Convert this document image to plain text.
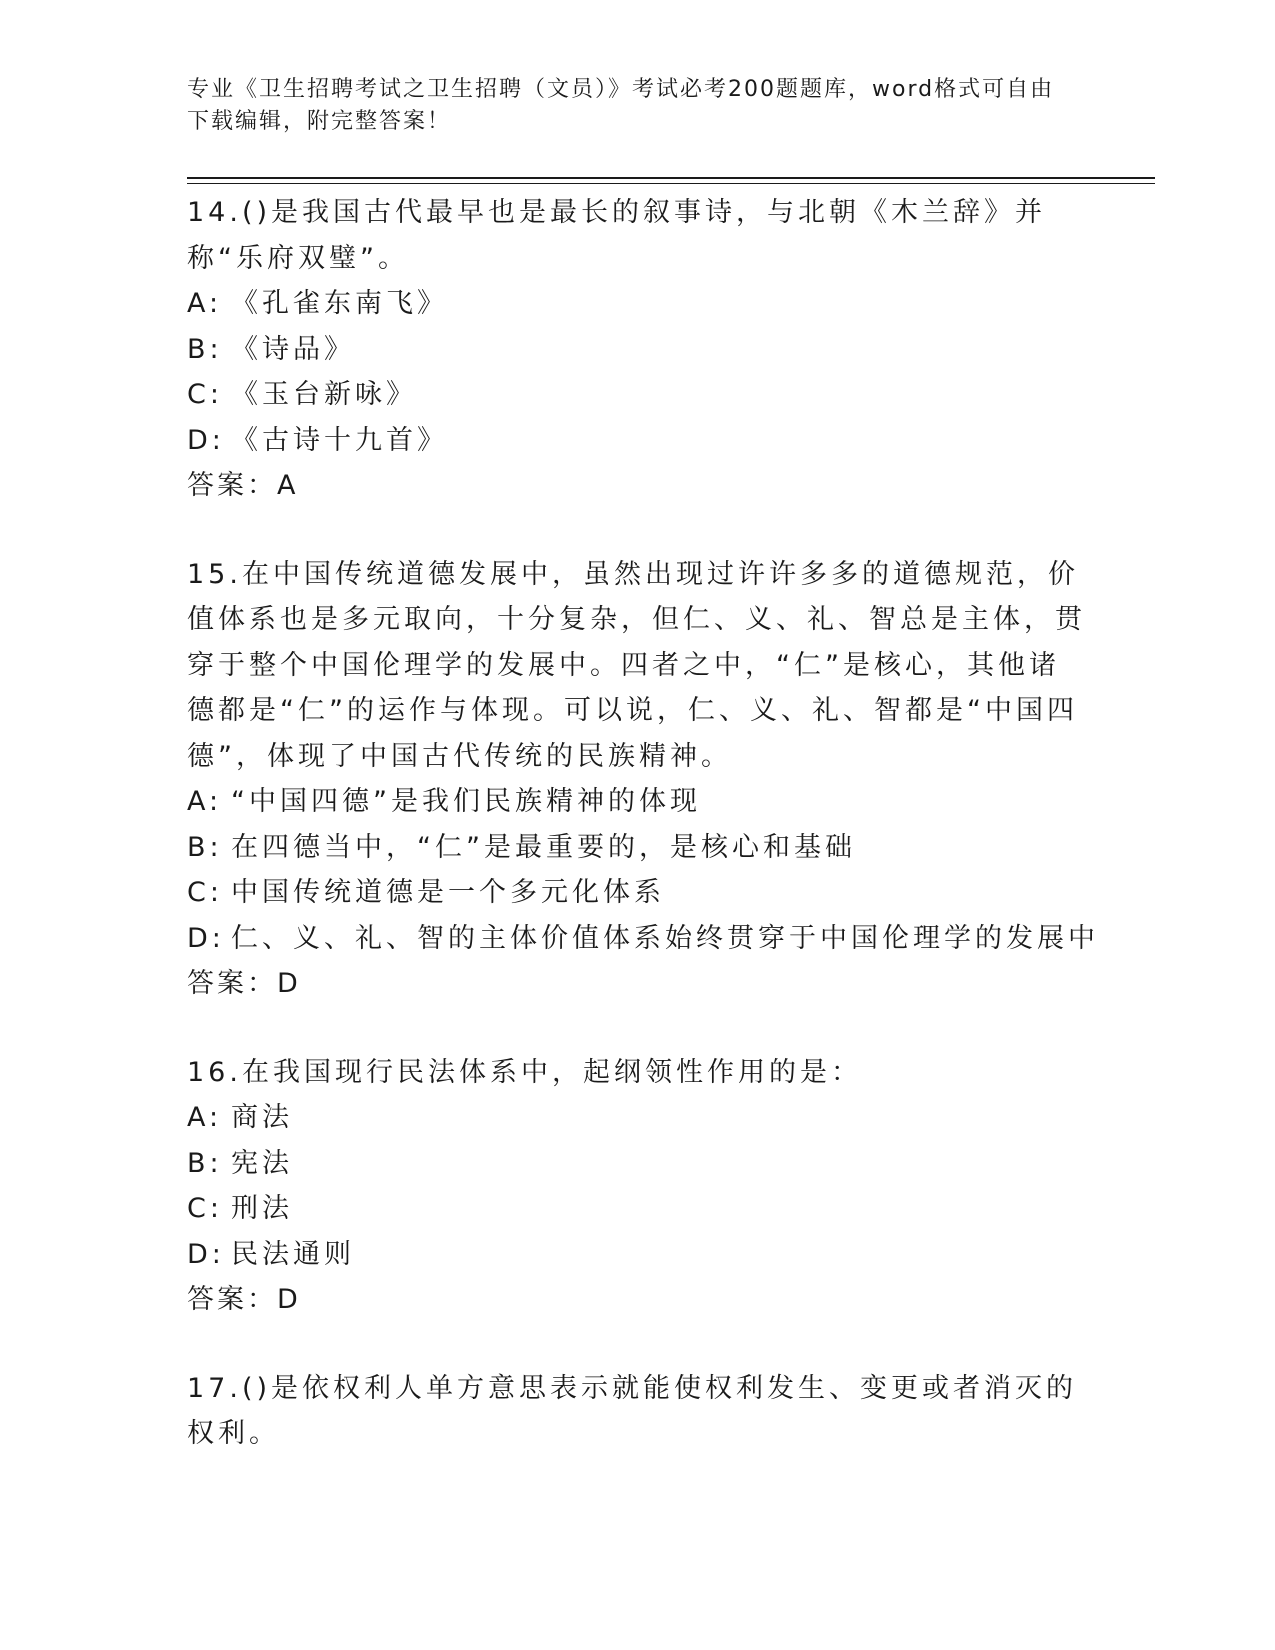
专业《卫生招聘考试之卫生招聘（文员）》考试必考200题题库，word格式可自由下载编辑，附完整答案！

14.()是我国古代最早也是最长的叙事诗，与北朝《木兰辞》并称“乐府双璧”。

A: 《孔雀东南飞》

B: 《诗品》

C: 《玉台新咏》

D: 《古诗十九首》

答案：A

15.在中国传统道德发展中，虽然出现过许许多多的道德规范，价值体系也是多元取向，十分复杂，但仁、义、礼、智总是主体，贯穿于整个中国伦理学的发展中。四者之中，“仁”是核心，其他诸德都是“仁”的运作与体现。可以说，仁、义、礼、智都是“中国四德”，体现了中国古代传统的民族精神。

A: “中国四德”是我们民族精神的体现

B: 在四德当中，“仁”是最重要的，是核心和基础

C: 中国传统道德是一个多元化体系

D: 仁、义、礼、智的主体价值体系始终贯穿于中国伦理学的发展中

答案：D

16.在我国现行民法体系中，起纲领性作用的是：

A: 商法

B: 宪法

C: 刑法

D: 民法通则

答案：D

17.()是依权利人单方意思表示就能使权利发生、变更或者消灭的权利。
